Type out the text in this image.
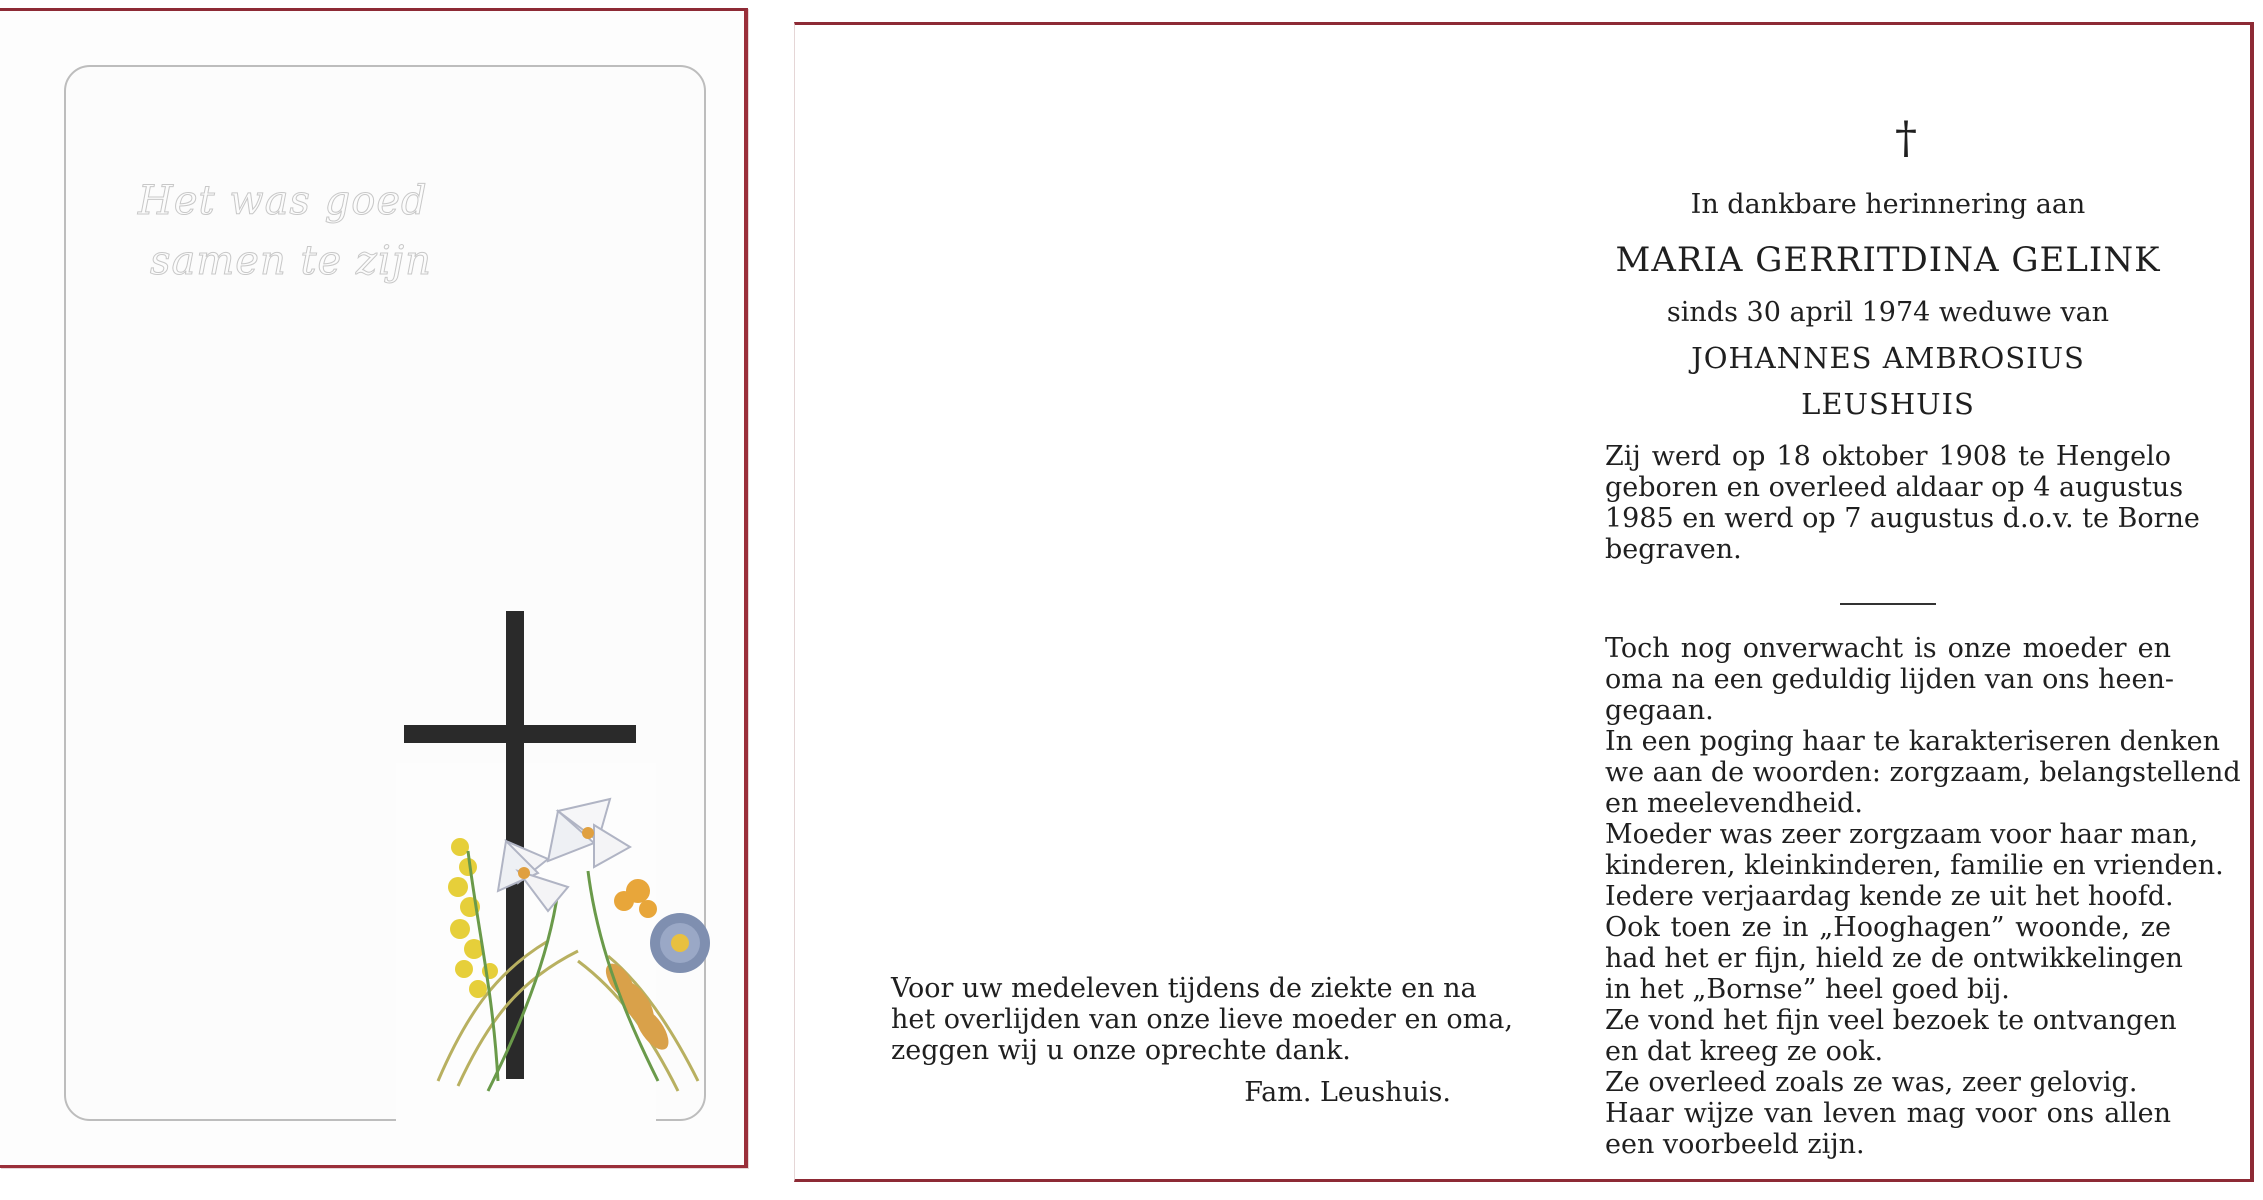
Het was goed
samen te zijn
Voor uw medeleven tijdens de ziekte en na
het overlijden van onze lieve moeder en oma,
zeggen wij u onze oprechte dank.
Fam. Leushuis.
†
In dankbare herinnering aan
MARIA GERRITDINA GELINK
sinds 30 april 1974 weduwe van
JOHANNES AMBROSIUS LEUSHUIS
Zij werd op 18 oktober 1908 te Hengelo
geboren en overleed aldaar op 4 augustus
1985 en werd op 7 augustus d.o.v. te Borne
begraven.
Toch nog onverwacht is onze moeder en
oma na een geduldig lijden van ons heen-
gegaan.
In een poging haar te karakteriseren denken
we aan de woorden: zorgzaam, belangstellend
en meelevendheid.
Moeder was zeer zorgzaam voor haar man,
kinderen, kleinkinderen, familie en vrienden.
Iedere verjaardag kende ze uit het hoofd.
Ook toen ze in „Hooghagen” woonde, ze
had het er fijn, hield ze de ontwikkelingen
in het „Bornse” heel goed bij.
Ze vond het fijn veel bezoek te ontvangen
en dat kreeg ze ook.
Ze overleed zoals ze was, zeer gelovig.
Haar wijze van leven mag voor ons allen
een voorbeeld zijn.
